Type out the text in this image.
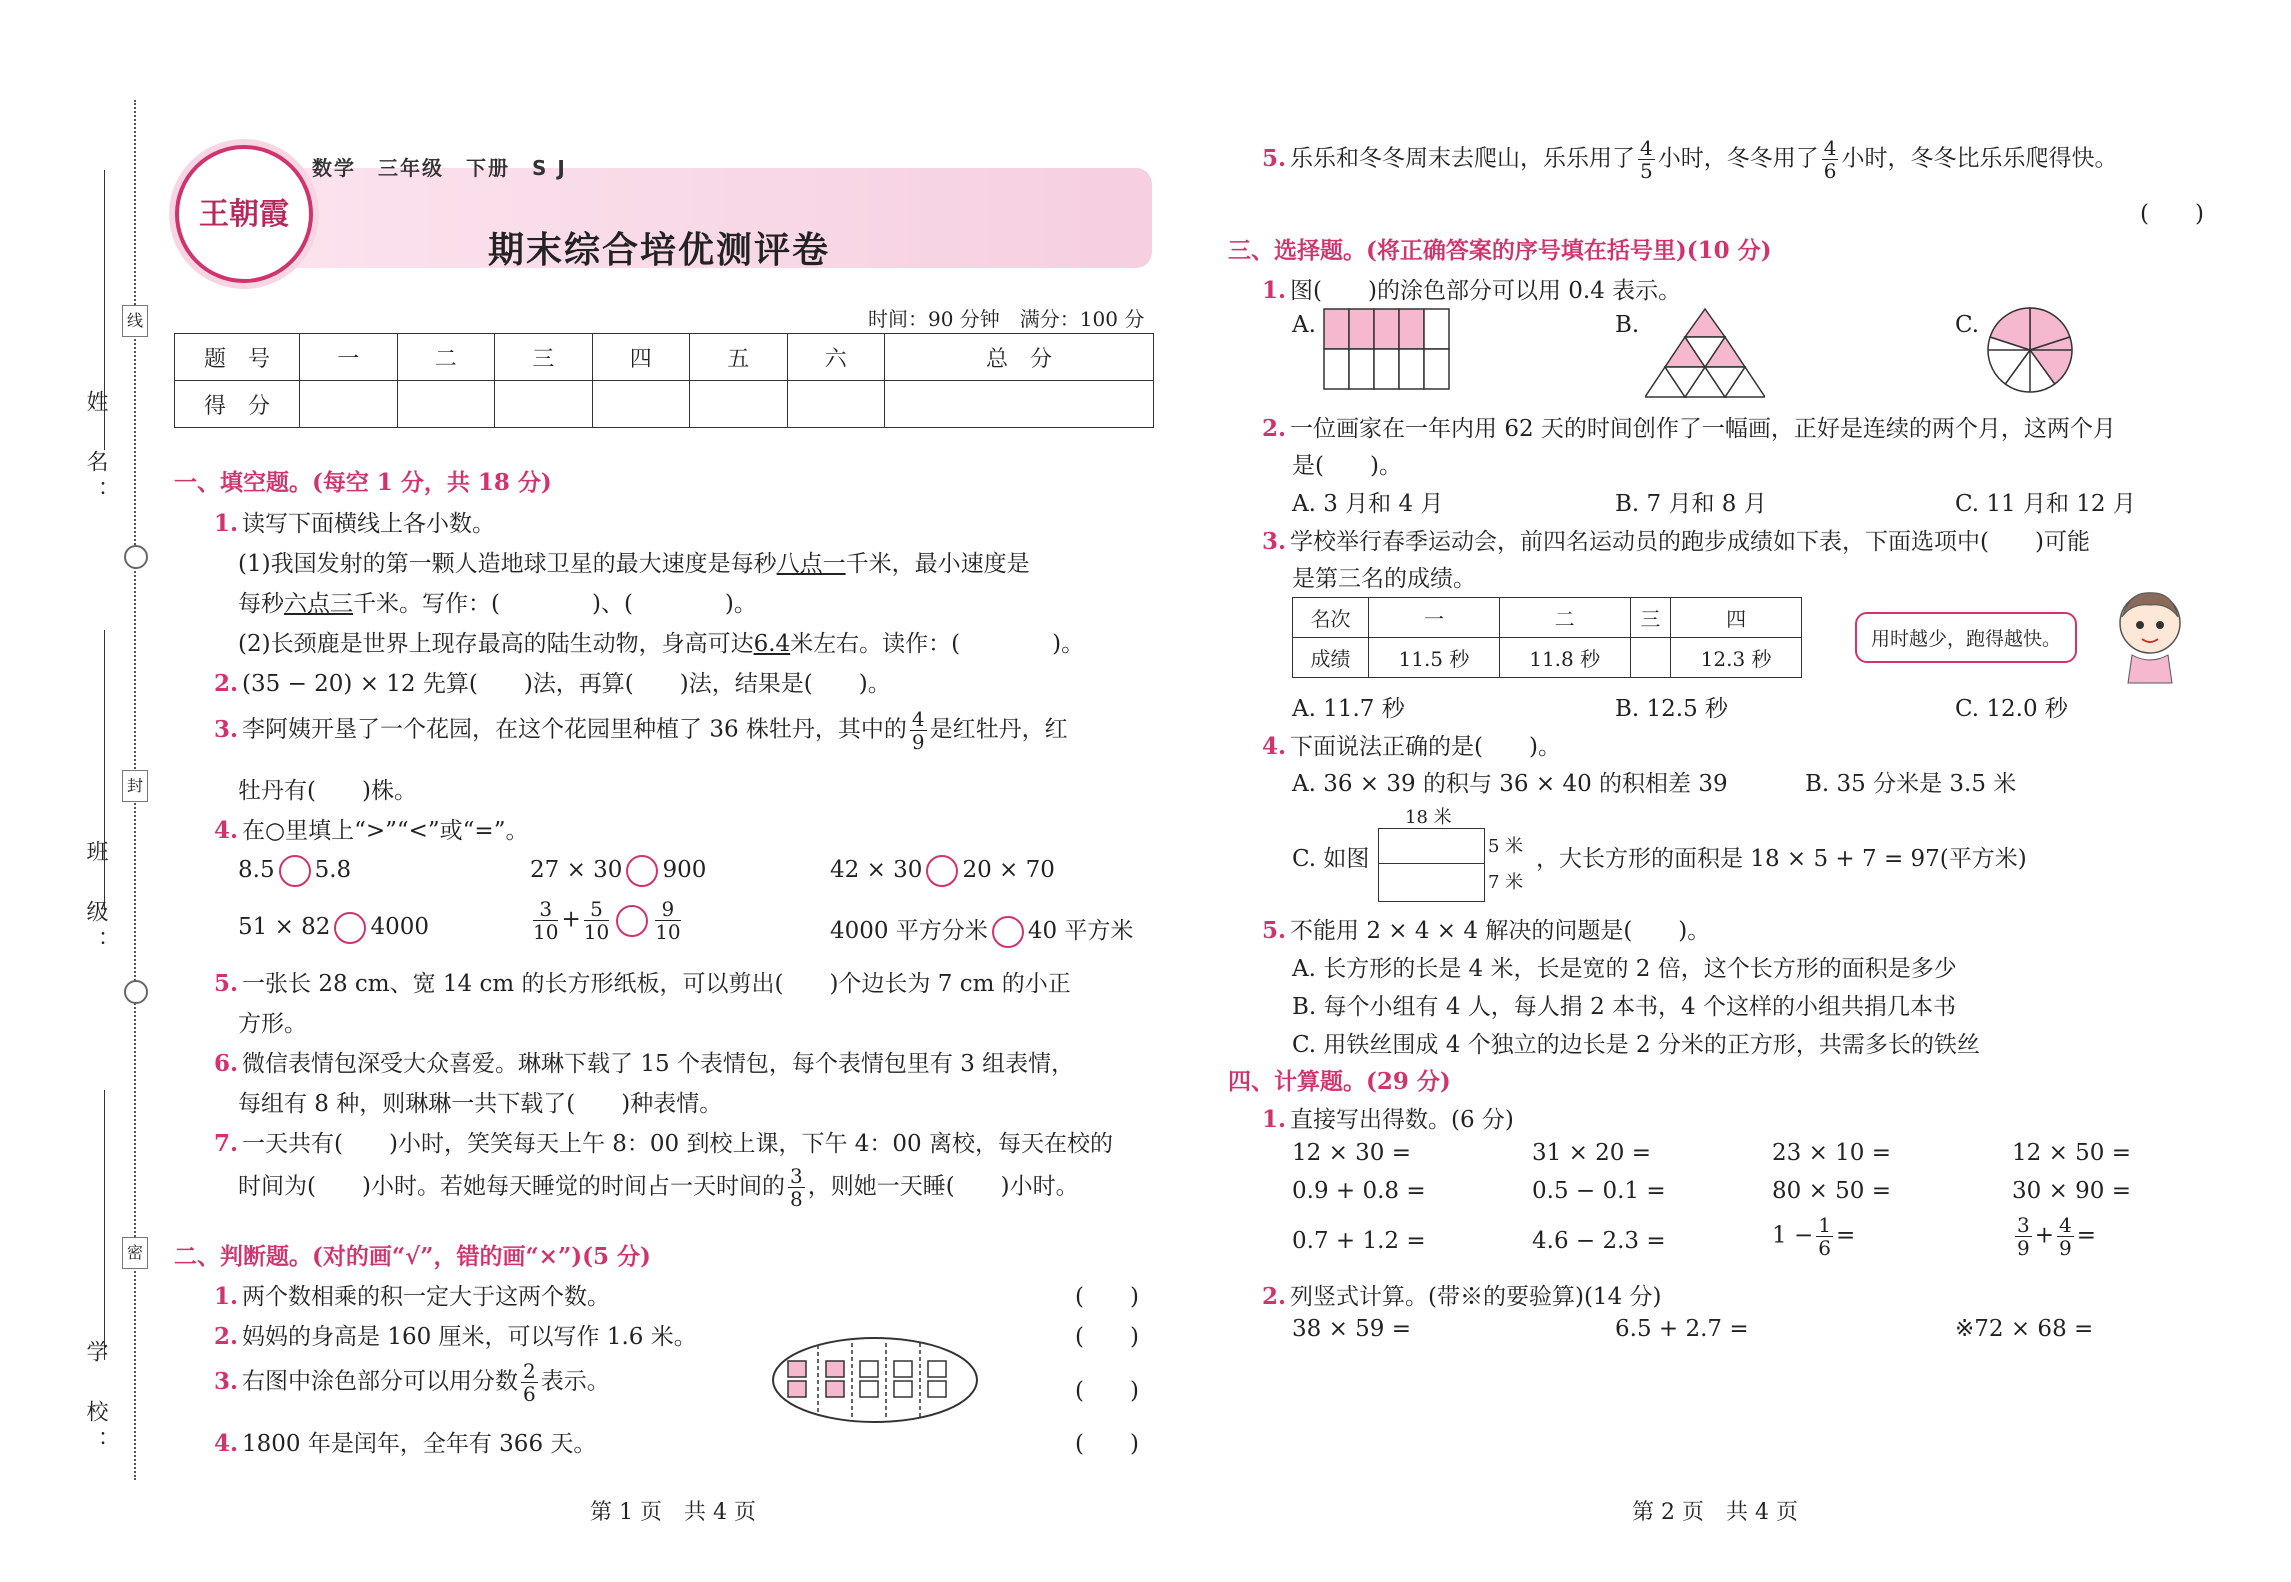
姓　名：
班　级：
学　校：
线
封
密
王朝霞
数学　三年级　下册　S J
期末综合培优测评卷
时间：90 分钟　满分：100 分
题　号	一	二	三	四	五	六	总　分
得　分							
一、填空题。(每空 1 分，共 18 分)
1. 读写下面横线上各小数。
(1)我国发射的第一颗人造地球卫星的最大速度是每秒八点一千米，最小速度是
每秒六点三千米。写作：(　　　　)、(　　　　)。
(2)长颈鹿是世界上现存最高的陆生动物，身高可达6.4米左右。读作：(　　　　)。
2. (35 − 20) × 12 先算(　　)法，再算(　　)法，结果是(　　)。
3. 李阿姨开垦了一个花园，在这个花园里种植了 36 株牡丹，其中的 $\frac{4}{9}$ 是红牡丹，红
牡丹有(　　)株。
4. 在○里填上“>”“<”或“=”。
8.5 5.8	27 × 30 900	42 × 30 20 × 70
51 × 82 4000	$\frac{3}{10} + \frac{5}{10} \frac{9}{10}$	4000 平方分米 40 平方米
5. 一张长 28 cm、宽 14 cm 的长方形纸板，可以剪出(　　)个边长为 7 cm 的小正
方形。
6. 微信表情包深受大众喜爱。琳琳下载了 15 个表情包，每个表情包里有 3 组表情，
每组有 8 种，则琳琳一共下载了(　　)种表情。
7. 一天共有(　　)小时，笑笑每天上午 8：00 到校上课，下午 4：00 离校，每天在校的
时间为(　　)小时。若她每天睡觉的时间占一天时间的 $\frac{3}{8}$ ，则她一天睡(　　)小时。
二、判断题。(对的画“√”，错的画“×”)(5 分)
1. 两个数相乘的积一定大于这两个数。	(　　)
2. 妈妈的身高是 160 厘米，可以写作 1.6 米。	(　　)
3. 右图中涂色部分可以用分数 $\frac{2}{6}$ 表示。	(　　)
4. 1800 年是闰年，全年有 366 天。	(　　)
第 1 页　共 4 页
5. 乐乐和冬冬周末去爬山，乐乐用了 $\frac{4}{5}$ 小时，冬冬用了 $\frac{4}{6}$ 小时，冬冬比乐乐爬得快。
(　　)
三、选择题。(将正确答案的序号填在括号里)(10 分)
1. 图(　　)的涂色部分可以用 0.4 表示。
A.	B.	C.
2. 一位画家在一年内用 62 天的时间创作了一幅画，正好是连续的两个月，这两个月
是(　　)。
A. 3 月和 4 月	B. 7 月和 8 月	C. 11 月和 12 月
3. 学校举行春季运动会，前四名运动员的跑步成绩如下表，下面选项中(　　)可能
是第三名的成绩。
名次	一	二	三	四
成绩	11.5 秒	11.8 秒		12.3 秒
用时越少，跑得越快。
A. 11.7 秒	B. 12.5 秒	C. 12.0 秒
4. 下面说法正确的是(　　)。
A. 36 × 39 的积与 36 × 40 的积相差 39	B. 35 分米是 3.5 米
C. 如图
18 米
5 米
7 米
，大长方形的面积是 18 × 5 + 7 = 97(平方米)
5. 不能用 2 × 4 × 4 解决的问题是(　　)。
A. 长方形的长是 4 米，长是宽的 2 倍，这个长方形的面积是多少
B. 每个小组有 4 人，每人捐 2 本书，4 个这样的小组共捐几本书
C. 用铁丝围成 4 个独立的边长是 2 分米的正方形，共需多长的铁丝
四、计算题。(29 分)
1. 直接写出得数。(6 分)
12 × 30 =	31 × 20 =	23 × 10 =	12 × 50 =
0.9 + 0.8 =	0.5 − 0.1 =	80 × 50 =	30 × 90 =
0.7 + 1.2 =	4.6 − 2.3 =	$1 - \frac{1}{6}$ =	$\frac{3}{9} + \frac{4}{9}$ =
2. 列竖式计算。(带※的要验算)(14 分)
38 × 59 =	6.5 + 2.7 =	※72 × 68 =
第 2 页　共 4 页
